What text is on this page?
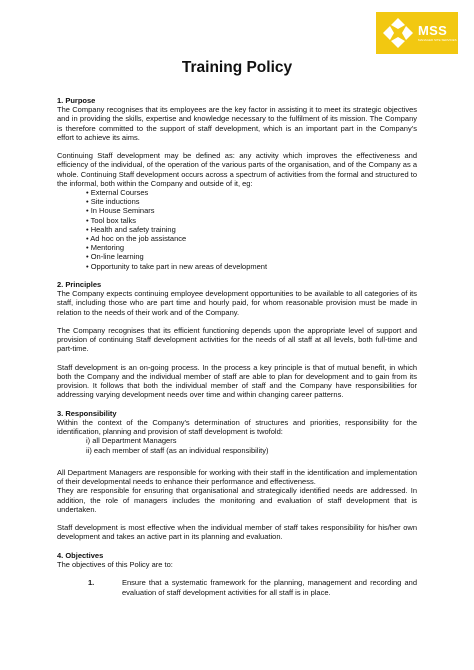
MSS
MANAGED SITE SERVICES
Training Policy
1. Purpose
The Company recognises that its employees are the key factor in assisting it to meet its strategic objectives and in providing the skills, expertise and knowledge necessary to the fulfilment of its mission. The Company is therefore committed to the support of staff development, which is an important part in the Company’s effort to achieve its aims.
Continuing Staff development may be defined as: any activity which improves the effectiveness and efficiency of the individual, of the operation of the various parts of the organisation, and of the Company as a whole. Continuing Staff development occurs across a spectrum of activities from the formal and structured to the informal, both within the Company and outside of it, eg:
• External Courses
• Site inductions
• In House Seminars
• Tool box talks
• Health and safety training
• Ad hoc on the job assistance
• Mentoring
• On-line learning
• Opportunity to take part in new areas of development
2. Principles
The Company expects continuing employee development opportunities to be available to all categories of its staff, including those who are part time and hourly paid, for whom reasonable provision must be made in relation to the needs of their work and of the Company.
The Company recognises that its efficient functioning depends upon the appropriate level of support and provision of continuing Staff development activities for the needs of all staff at all levels, both full-time and part-time.
Staff development is an on-going process. In the process a key principle is that of mutual benefit, in which both the Company and the individual member of staff are able to plan for development and to gain from its provision. It follows that both the individual member of staff and the Company have responsibilities for addressing varying development needs over time and within changing career patterns.
3. Responsibility
Within the context of the Company's determination of structures and priorities, responsibility for the identification, planning and provision of staff development is twofold:
i) all Department Managers
ii) each member of staff (as an individual responsibility)
All Department Managers are responsible for working with their staff in the identification and implementation of their developmental needs to enhance their performance and effectiveness.
They are responsible for ensuring that organisational and strategically identified needs are addressed. In addition, the role of managers includes the monitoring and evaluation of staff development that is undertaken.
Staff development is most effective when the individual member of staff takes responsibility for his/her own development and takes an active part in its planning and evaluation.
4. Objectives
The objectives of this Policy are to:
1.	Ensure that a systematic framework for the planning, management and recording and evaluation of staff development activities for all staff is in place.
